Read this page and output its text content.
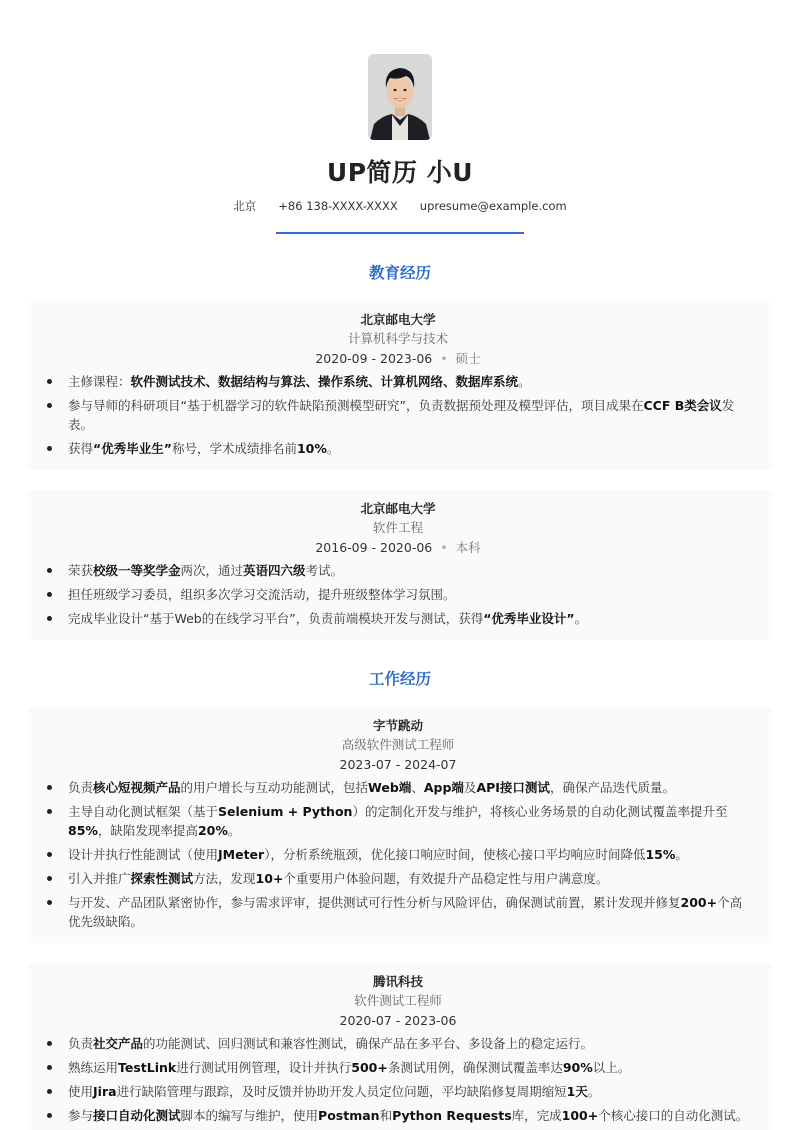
UP简历 小U
北京 +86 138-XXXX-XXXX upresume@example.com
教育经历
北京邮电大学
计算机科学与技术
2020-09 - 2023-06 • 硕士
主修课程：软件测试技术、数据结构与算法、操作系统、计算机网络、数据库系统。
参与导师的科研项目“基于机器学习的软件缺陷预测模型研究”，负责数据预处理及模型评估，项目成果在CCF B类会议发表。
获得“优秀毕业生”称号，学术成绩排名前10%。
北京邮电大学
软件工程
2016-09 - 2020-06 • 本科
荣获校级一等奖学金两次，通过英语四六级考试。
担任班级学习委员，组织多次学习交流活动，提升班级整体学习氛围。
完成毕业设计“基于Web的在线学习平台”，负责前端模块开发与测试，获得“优秀毕业设计”。
工作经历
字节跳动
高级软件测试工程师
2023-07 - 2024-07
负责核心短视频产品的用户增长与互动功能测试，包括Web端、App端及API接口测试，确保产品迭代质量。
主导自动化测试框架（基于Selenium + Python）的定制化开发与维护，将核心业务场景的自动化测试覆盖率提升至85%，缺陷发现率提高20%。
设计并执行性能测试（使用JMeter），分析系统瓶颈，优化接口响应时间，使核心接口平均响应时间降低15%。
引入并推广探索性测试方法，发现10+个重要用户体验问题，有效提升产品稳定性与用户满意度。
与开发、产品团队紧密协作，参与需求评审，提供测试可行性分析与风险评估，确保测试前置，累计发现并修复200+个高优先级缺陷。
腾讯科技
软件测试工程师
2020-07 - 2023-06
负责社交产品的功能测试、回归测试和兼容性测试，确保产品在多平台、多设备上的稳定运行。
熟练运用TestLink进行测试用例管理，设计并执行500+条测试用例，确保测试覆盖率达90%以上。
使用Jira进行缺陷管理与跟踪，及时反馈并协助开发人员定位问题，平均缺陷修复周期缩短1天。
参与接口自动化测试脚本的编写与维护，使用Postman和Python Requests库，完成100+个核心接口的自动化测试。
